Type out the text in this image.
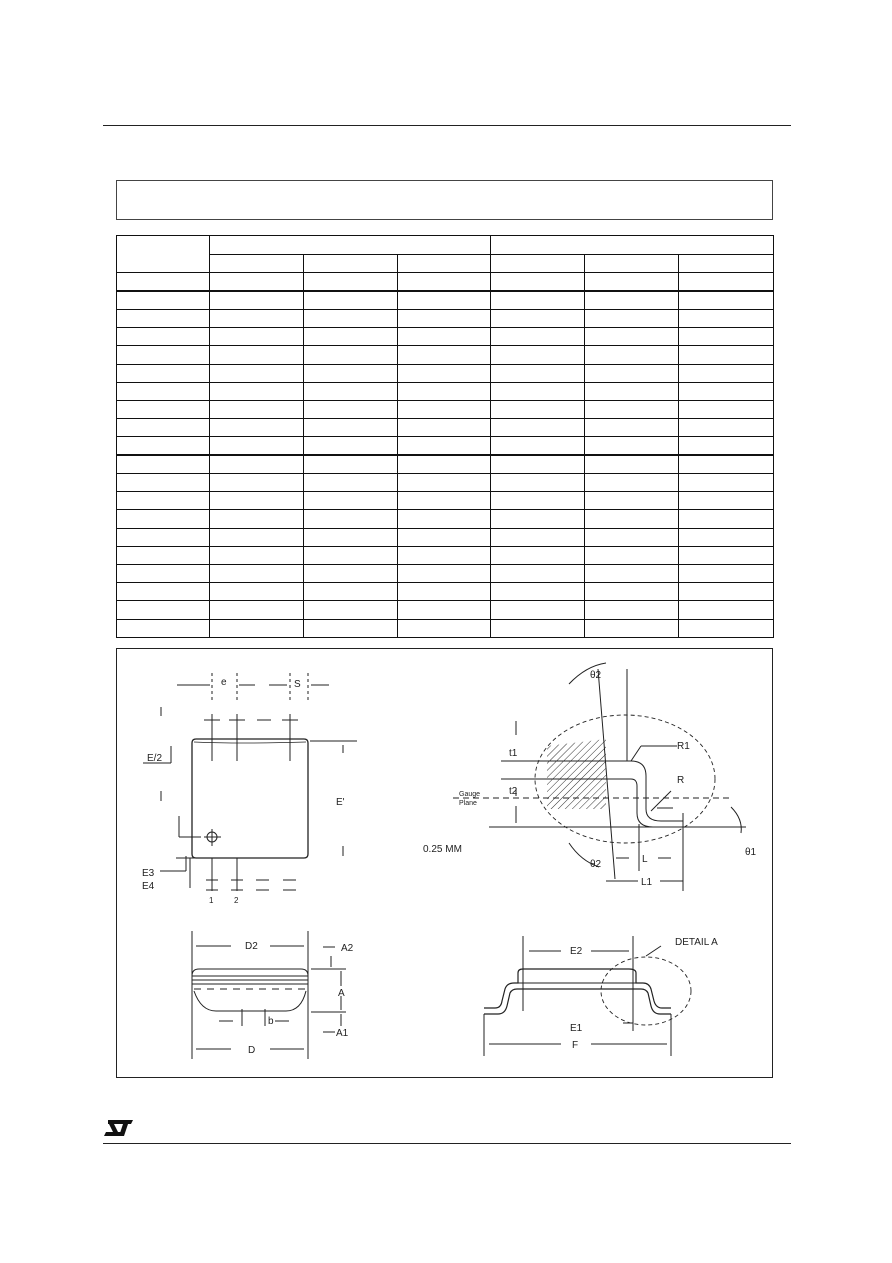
e	S
E/2
E'
E3
E4
1	2
D2	A2
A
b
A1
D
θ2
R1
R
t1
t2
Gauge
Plane
0.25 MM
θ2
θ1
L
L1
E2
DETAIL A
E1
F
